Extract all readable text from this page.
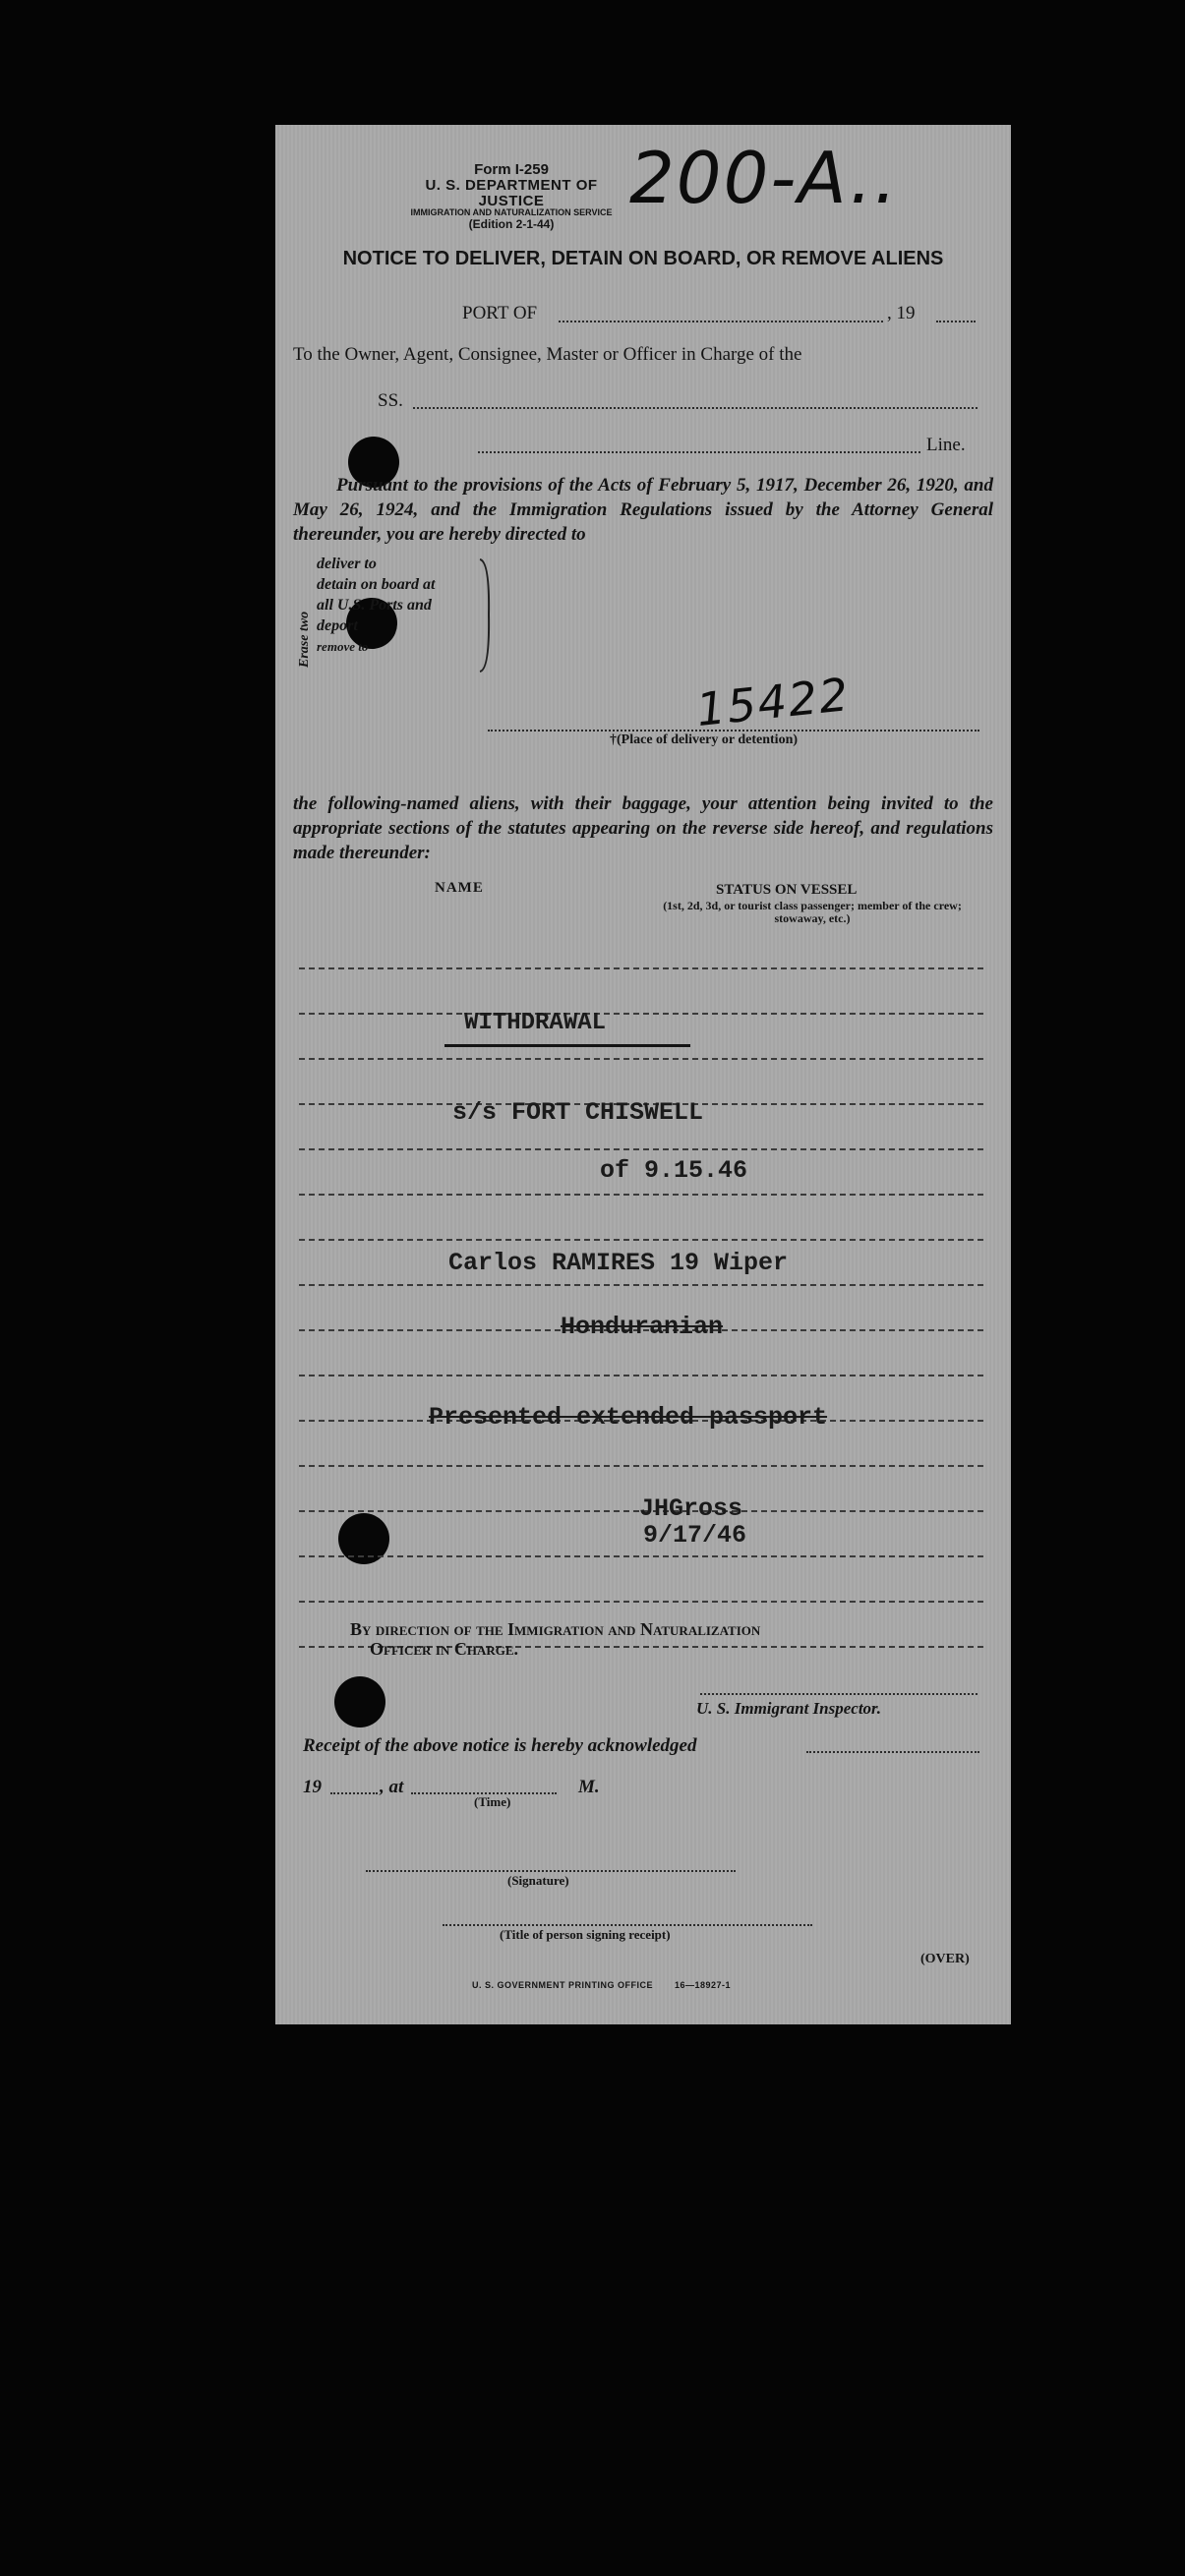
Form I-259
U. S. DEPARTMENT OF JUSTICE
IMMIGRATION AND NATURALIZATION SERVICE
(Edition 2-1-44)
200-A..
NOTICE TO DELIVER, DETAIN ON BOARD, OR REMOVE ALIENS
PORT OF	, 19
To the Owner, Agent, Consignee, Master or Officer in Charge of the
SS.
Line.
Pursuant to the provisions of the Acts of February 5, 1917, December 26, 1920, and May 26, 1924, and the Immigration Regulations issued by the Attorney General thereunder, you are hereby directed to
Erase two
deliver to
detain on board at
all U.S. Ports and
deport
remove to
15422
†(Place of delivery or detention)
the following-named aliens, with their baggage, your attention being invited to the appropriate sections of the statutes appearing on the reverse side hereof, and regulations made thereunder:
NAME	STATUS ON VESSEL
(1st, 2d, 3d, or tourist class passenger; member of the crew; stowaway, etc.)
WITHDRAWAL
s/s FORT CHISWELL
of 9.15.46
Carlos RAMIRES 19 Wiper
Honduranian
Presented extended passport
JHGross
9/17/46
By direction of the Immigration and Naturalization
Officer in Charge.
U. S. Immigrant Inspector.
Receipt of the above notice is hereby acknowledged
19	, at	M.
(Time)
(Signature)
(Title of person signing receipt)
(OVER)
U. S. GOVERNMENT PRINTING OFFICE 16—18927-1
